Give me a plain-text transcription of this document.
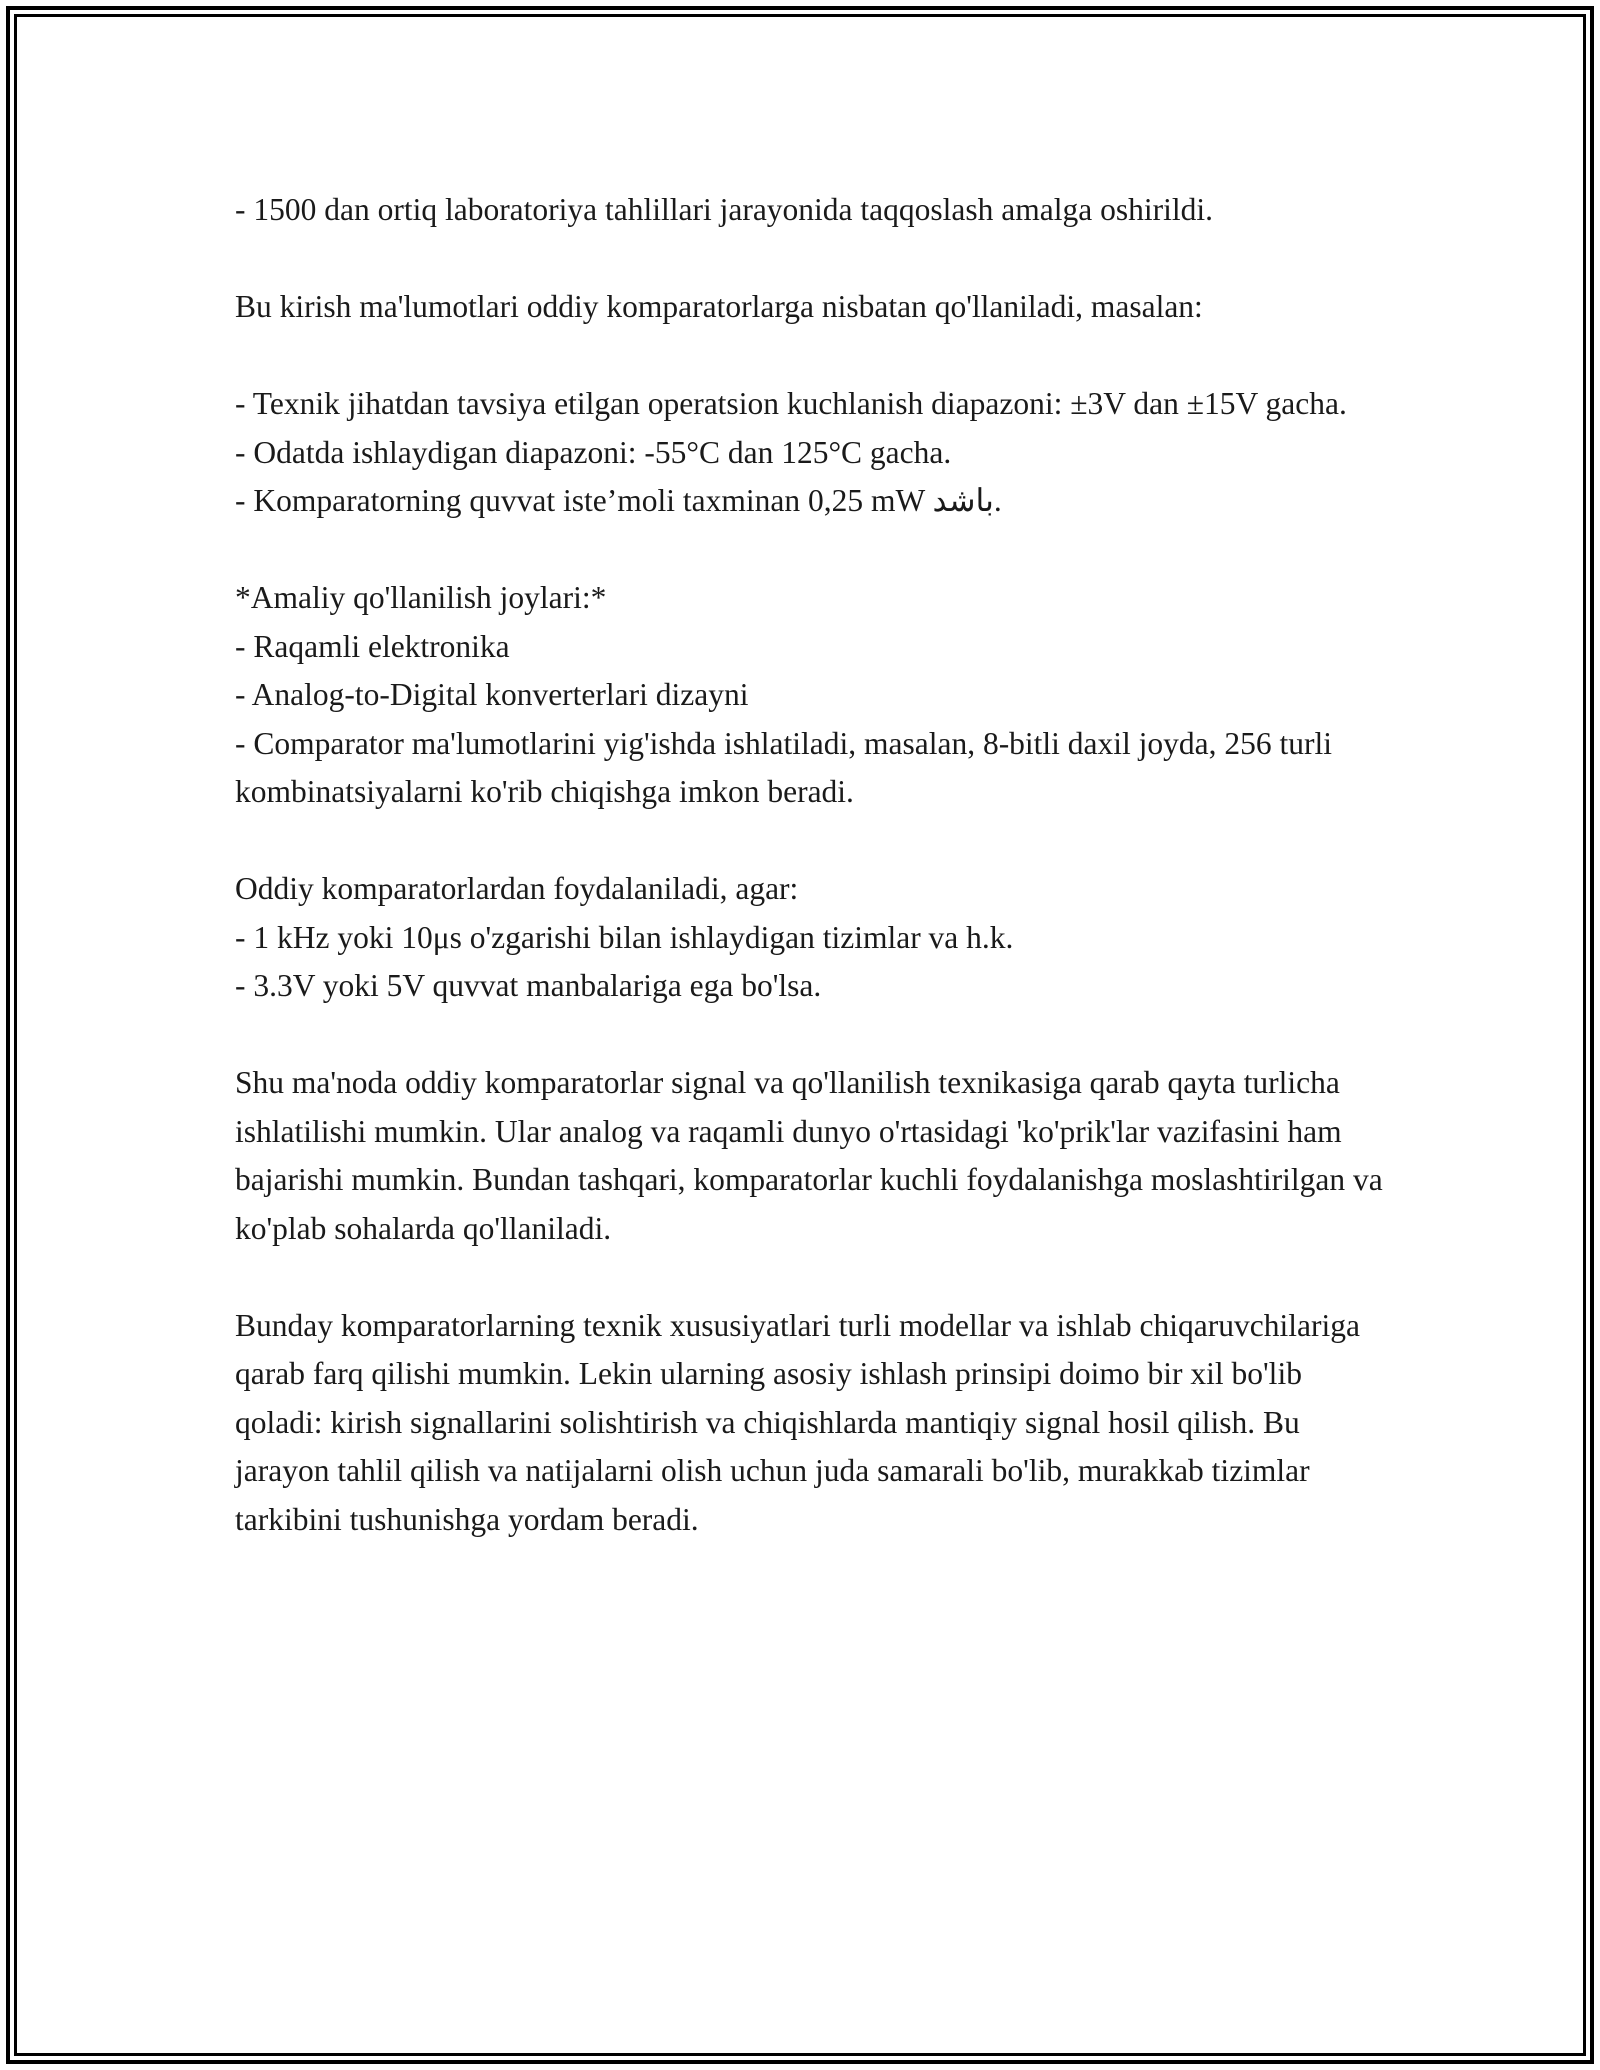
- 1500 dan ortiq laboratoriya tahlillari jarayonida taqqoslash amalga oshirildi.

Bu kirish ma'lumotlari oddiy komparatorlarga nisbatan qo'llaniladi, masalan:

- Texnik jihatdan tavsiya etilgan operatsion kuchlanish diapazoni: ±3V dan ±15V gacha.

- Odatda ishlaydigan diapazoni: -55°C dan 125°C gacha.

- Komparatorning quvvat iste’moli taxminan 0,25 mW باشد.

*Amaliy qo'llanilish joylari:*

- Raqamli elektronika

- Analog-to-Digital konverterlari dizayni

- Comparator ma'lumotlarini yig'ishda ishlatiladi, masalan, 8-bitli daxil joyda, 256 turli kombinatsiyalarni ko'rib chiqishga imkon beradi.

Oddiy komparatorlardan foydalaniladi, agar:

- 1 kHz yoki 10μs o'zgarishi bilan ishlaydigan tizimlar va h.k.

- 3.3V yoki 5V quvvat manbalariga ega bo'lsa.

Shu ma'noda oddiy komparatorlar signal va qo'llanilish texnikasiga qarab qayta turlicha ishlatilishi mumkin. Ular analog va raqamli dunyo o'rtasidagi 'ko'prik'lar vazifasini ham bajarishi mumkin. Bundan tashqari, komparatorlar kuchli foydalanishga moslashtirilgan va ko'plab sohalarda qo'llaniladi.

Bunday komparatorlarning texnik xususiyatlari turli modellar va ishlab chiqaruvchilariga qarab farq qilishi mumkin. Lekin ularning asosiy ishlash prinsipi doimo bir xil bo'lib qoladi: kirish signallarini solishtirish va chiqishlarda mantiqiy signal hosil qilish. Bu jarayon tahlil qilish va natijalarni olish uchun juda samarali bo'lib, murakkab tizimlar tarkibini tushunishga yordam beradi.
